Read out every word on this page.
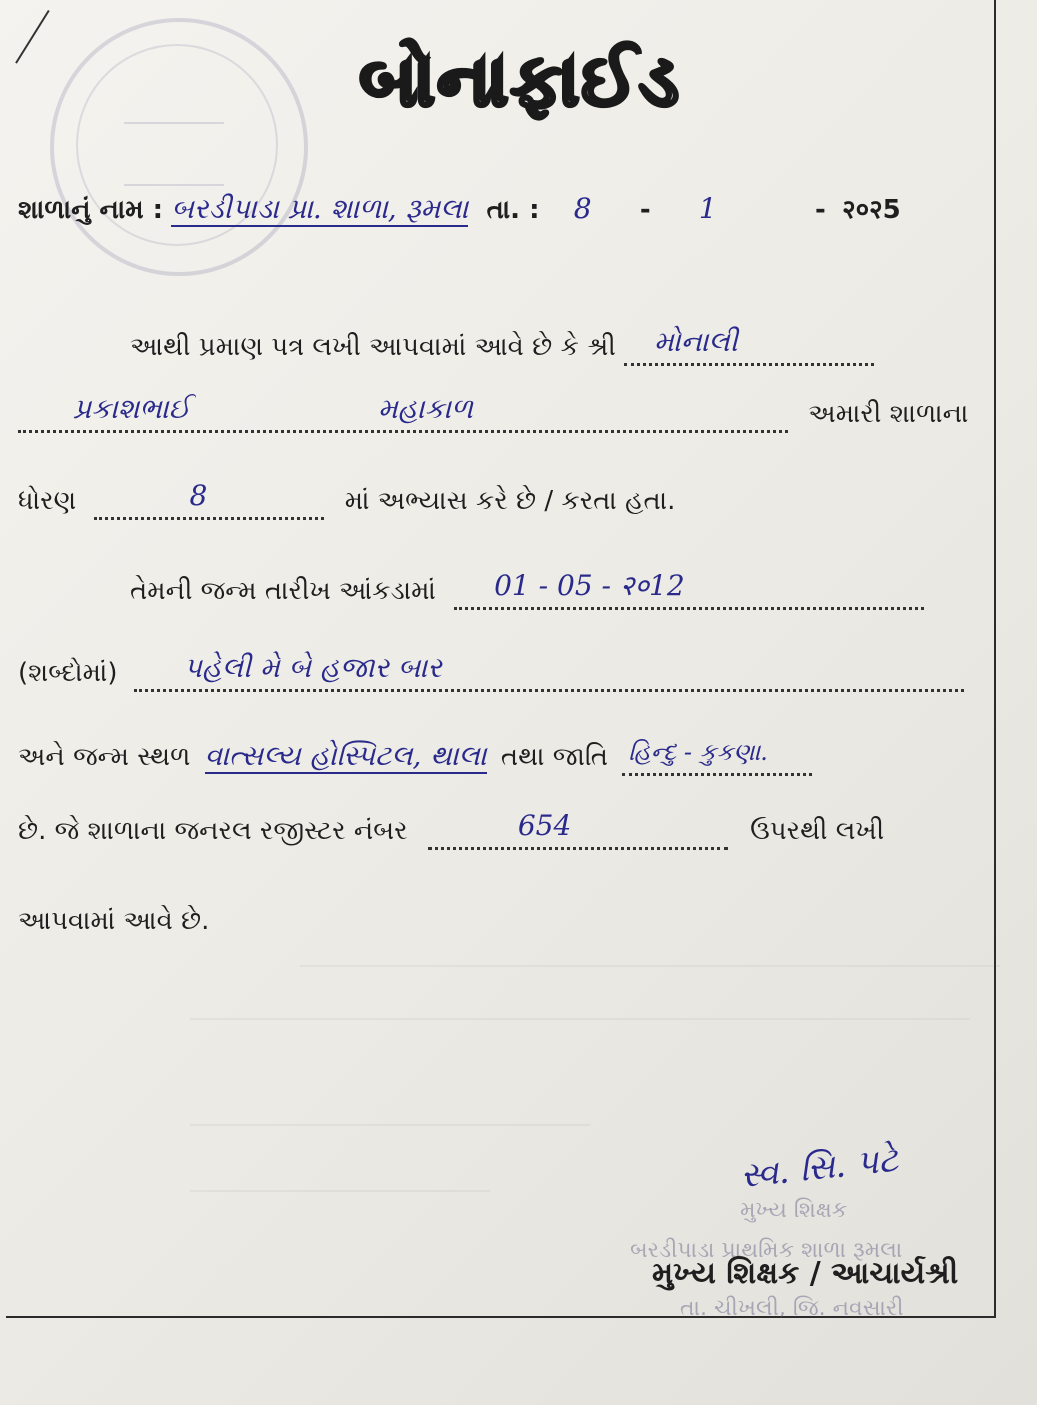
બોનાફાઈડ
શાળાનું નામ : બરડીપાડા પ્રા. શાળા, રૂમલા તા. : 8 - 1	- २०२5
આથી પ્રમાણ પત્ર લખી આપવામાં આવે છે કે શ્રી મોનાલી
પ્રકાશભાઈ	મહાકાળ	અમારી શાળાના
ધોરણ	8	માં અભ્યાસ કરે છે / કરતા હતા.
તેમની જન્મ તારીખ આંકડામાં 01 - 05 - २०12
(શબ્દોમાં) પહેલી મે બે હજાર બાર
અને જન્મ સ્થળ વાત્સલ્ય હોસ્પિટલ, થાલા તથા જાતિ હિન્દુ - કુકણા.
છે. જે શાળાના જનરલ રજીસ્ટર નંબર	654	ઉપરથી લખી
આપવામાં આવે છે.
સ્વ. સિ. પટે
મુખ્ય શિક્ષક
બરડીપાડા પ્રાથમિક શાળા રૂમલા
મુખ્ય શિક્ષક / આચાર્યશ્રી
તા. ચીખલી, જિ. નવસારી
